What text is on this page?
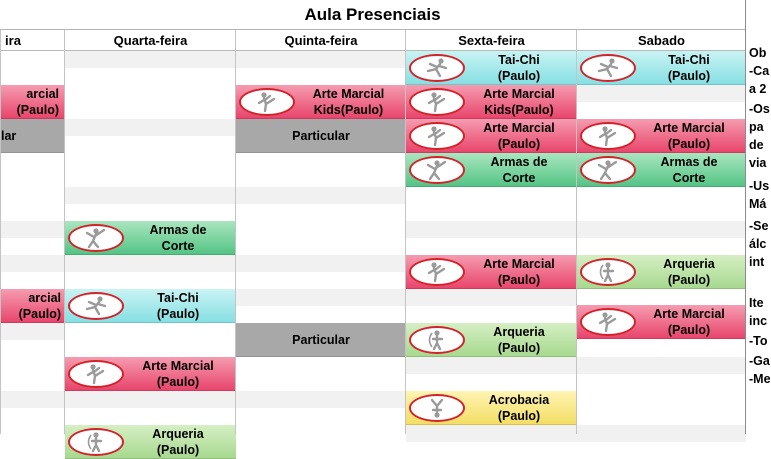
Aula Presenciais
ira
arcial
(Paulo)
lar
arcial
(Paulo)
Quarta-feira
Armas de
Corte
Tai-Chi
(Paulo)
Arte Marcial
(Paulo)
Arqueria
(Paulo)
Quinta-feira
Arte Marcial
Kids(Paulo)
Particular
Particular
Sexta-feira
Tai-Chi
(Paulo)
Arte Marcial
Kids(Paulo)
Arte Marcial
(Paulo)
Armas de
Corte
Arte Marcial
(Paulo)
Arqueria
(Paulo)
Acrobacia
(Paulo)
Sabado
Tai-Chi
(Paulo)
Arte Marcial
(Paulo)
Armas de
Corte
Arqueria
(Paulo)
Arte Marcial
(Paulo)
Ob
-Ca
a 2
-Os
pa
de
via
-Us
Má
-Se
álc
int
Ite
inc
-To
-Ga
-Me
